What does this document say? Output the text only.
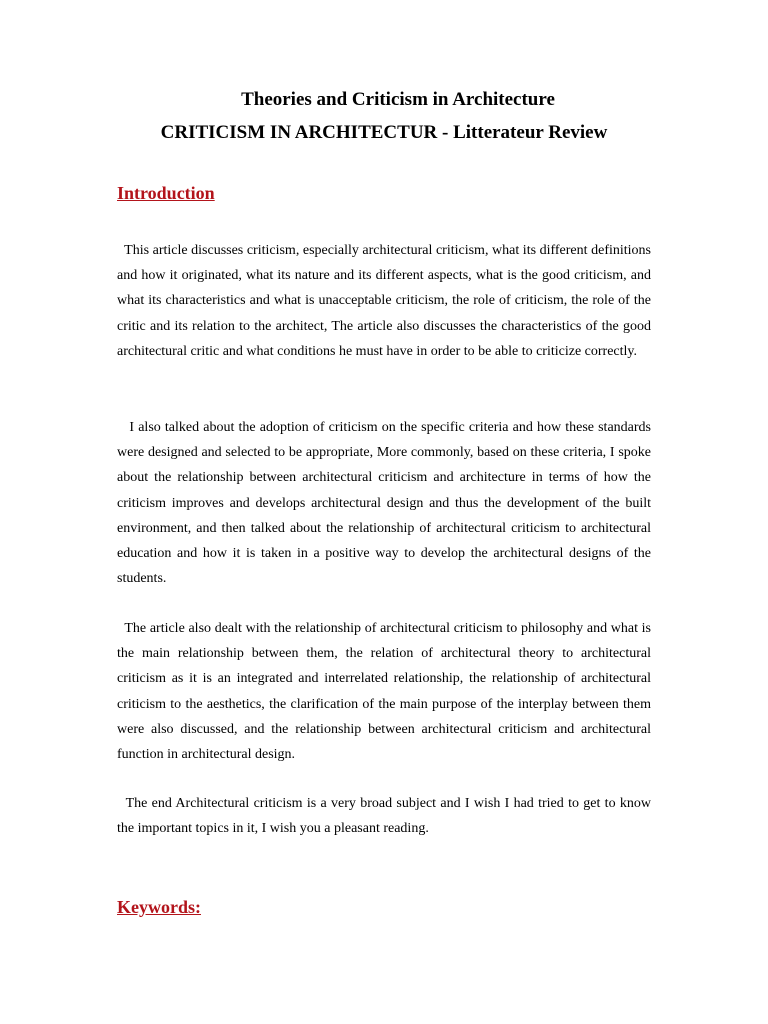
Theories and Criticism in Architecture
CRITICISM IN ARCHITECTUR - Litterateur Review
Introduction

This article discusses criticism, especially architectural criticism, what its different definitions and how it originated, what its nature and its different aspects, what is the good criticism, and what its characteristics and what is unacceptable criticism, the role of criticism, the role of the critic and its relation to the architect, The article also discusses the characteristics of the good architectural critic and what conditions he must have in order to be able to criticize correctly.

I also talked about the adoption of criticism on the specific criteria and how these standards were designed and selected to be appropriate, More commonly, based on these criteria, I spoke about the relationship between architectural criticism and architecture in terms of how the criticism improves and develops architectural design and thus the development of the built environment, and then talked about the relationship of architectural criticism to architectural education and how it is taken in a positive way to develop the architectural designs of the students.

The article also dealt with the relationship of architectural criticism to philosophy and what is the main relationship between them, the relation of architectural theory to architectural criticism as it is an integrated and interrelated relationship, the relationship of architectural criticism to the aesthetics, the clarification of the main purpose of the interplay between them were also discussed, and the relationship between architectural criticism and architectural function in architectural design.

The end Architectural criticism is a very broad subject and I wish I had tried to get to know the important topics in it, I wish you a pleasant reading.

Keywords:
